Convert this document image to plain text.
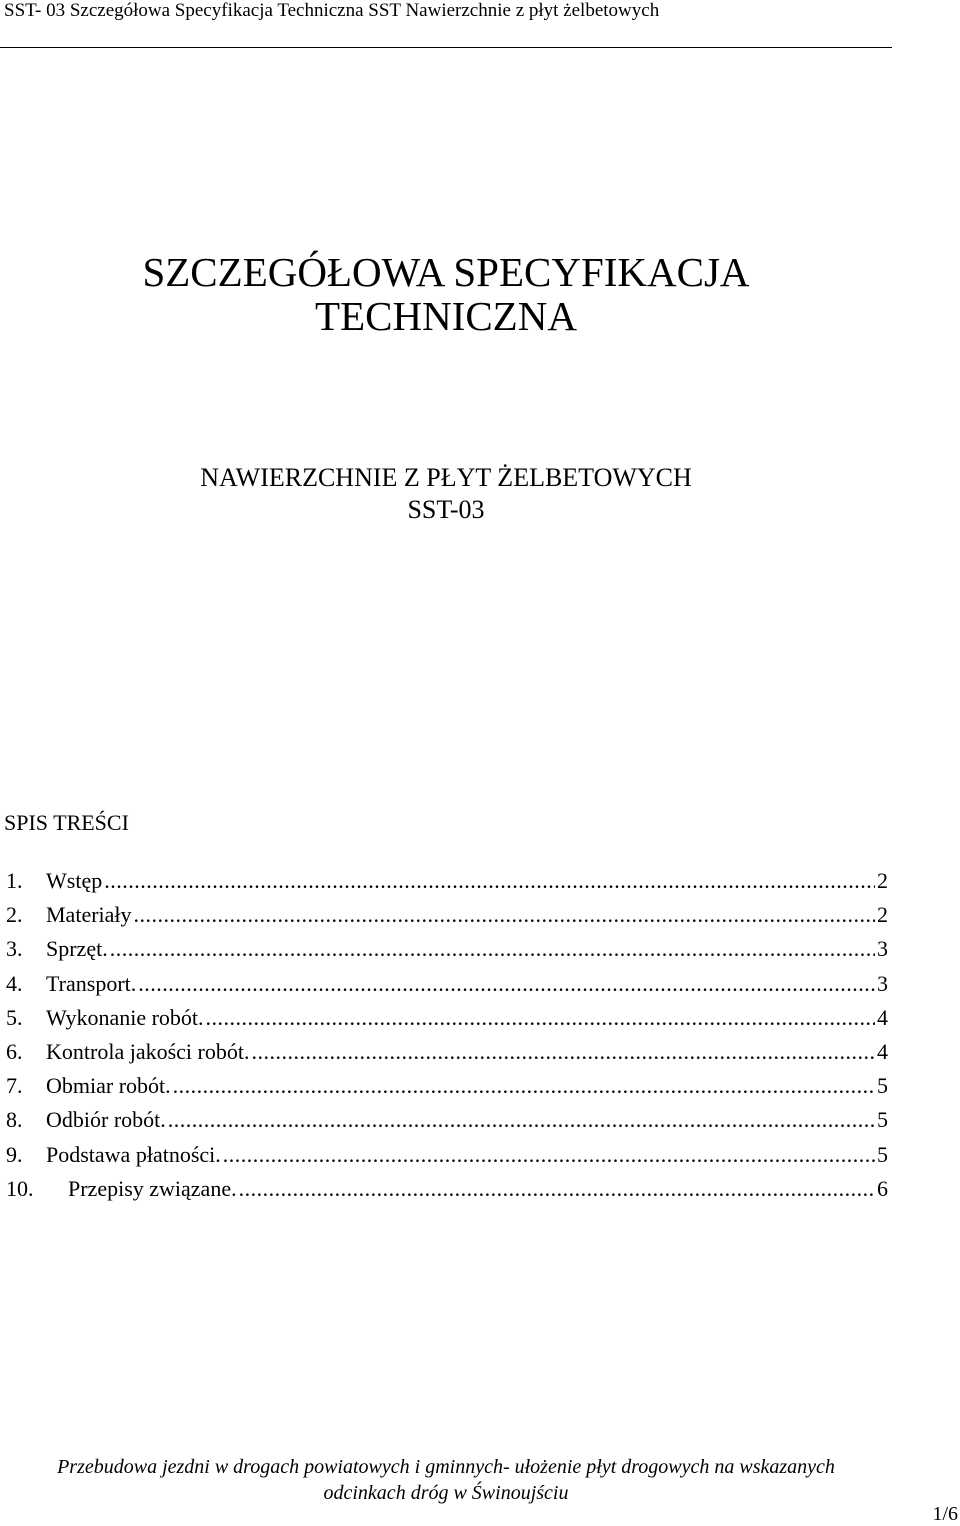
SST- 03 Szczegółowa Specyfikacja Techniczna SST Nawierzchnie z płyt żelbetowych
SZCZEGÓŁOWA SPECYFIKACJA
TECHNICZNA
NAWIERZCHNIE Z PŁYT ŻELBETOWYCH
SST-03
SPIS TREŚCI
1.	Wstęp .....	2
2.	Materiały .....	2
3.	Sprzęt. .....	3
4.	Transport. .....	3
5.	Wykonanie robót. .....	4
6.	Kontrola jakości robót. .....	4
7.	Obmiar robót. .....	5
8.	Odbiór robót. .....	5
9.	Podstawa płatności. .....	5
10.	Przepisy związane. .....	6
Przebudowa jezdni w drogach powiatowych i gminnych- ułożenie płyt drogowych na wskazanych
odcinkach dróg w Świnoujściu
1/6
